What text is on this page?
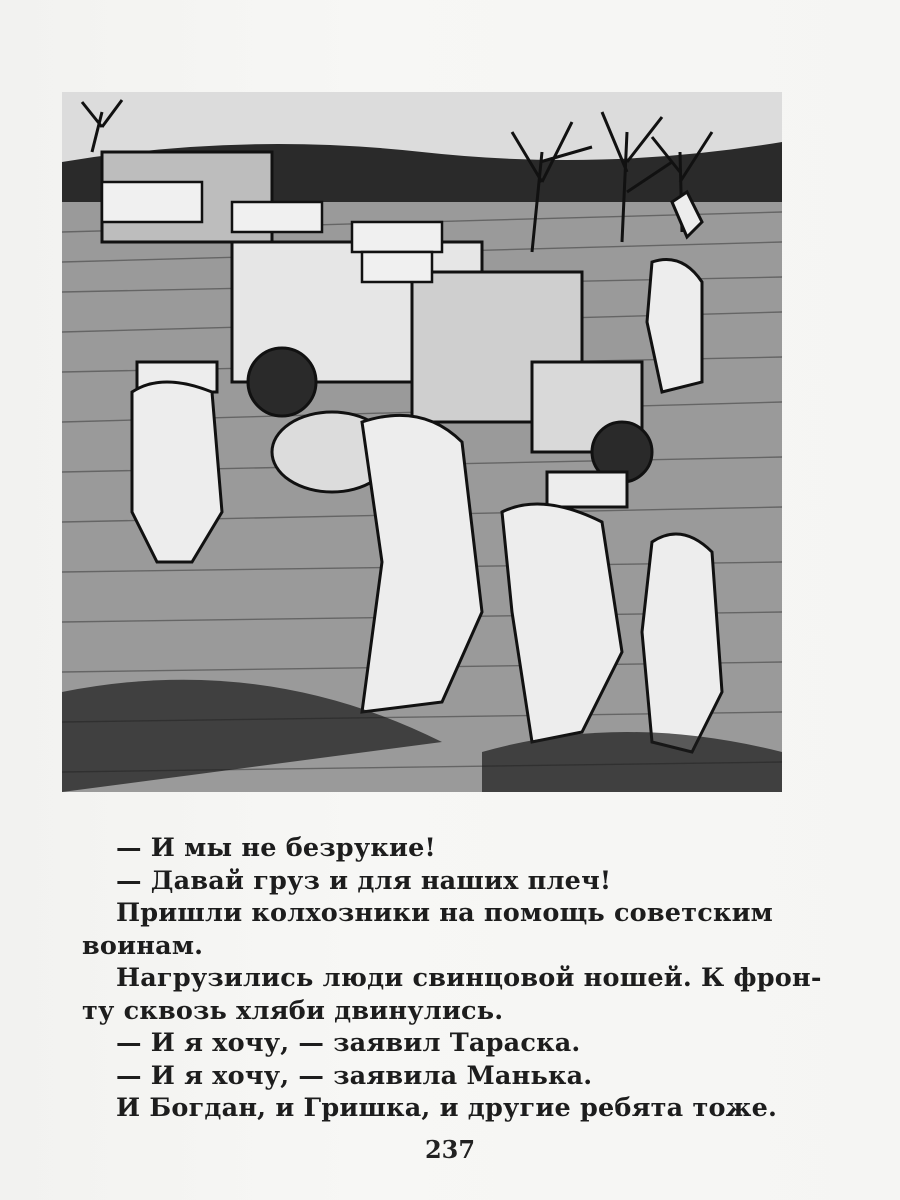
— И мы не безрукие!
— Давай груз и для наших плеч!
Пришли колхозники на помощь советским
воинам.
Нагрузились люди свинцовой ношей. К фрон-
ту сквозь хляби двинулись.
— И я хочу, — заявил Тараска.
— И я хочу, — заявила Манька.
И Богдан, и Гришка, и другие ребята тоже.
237
